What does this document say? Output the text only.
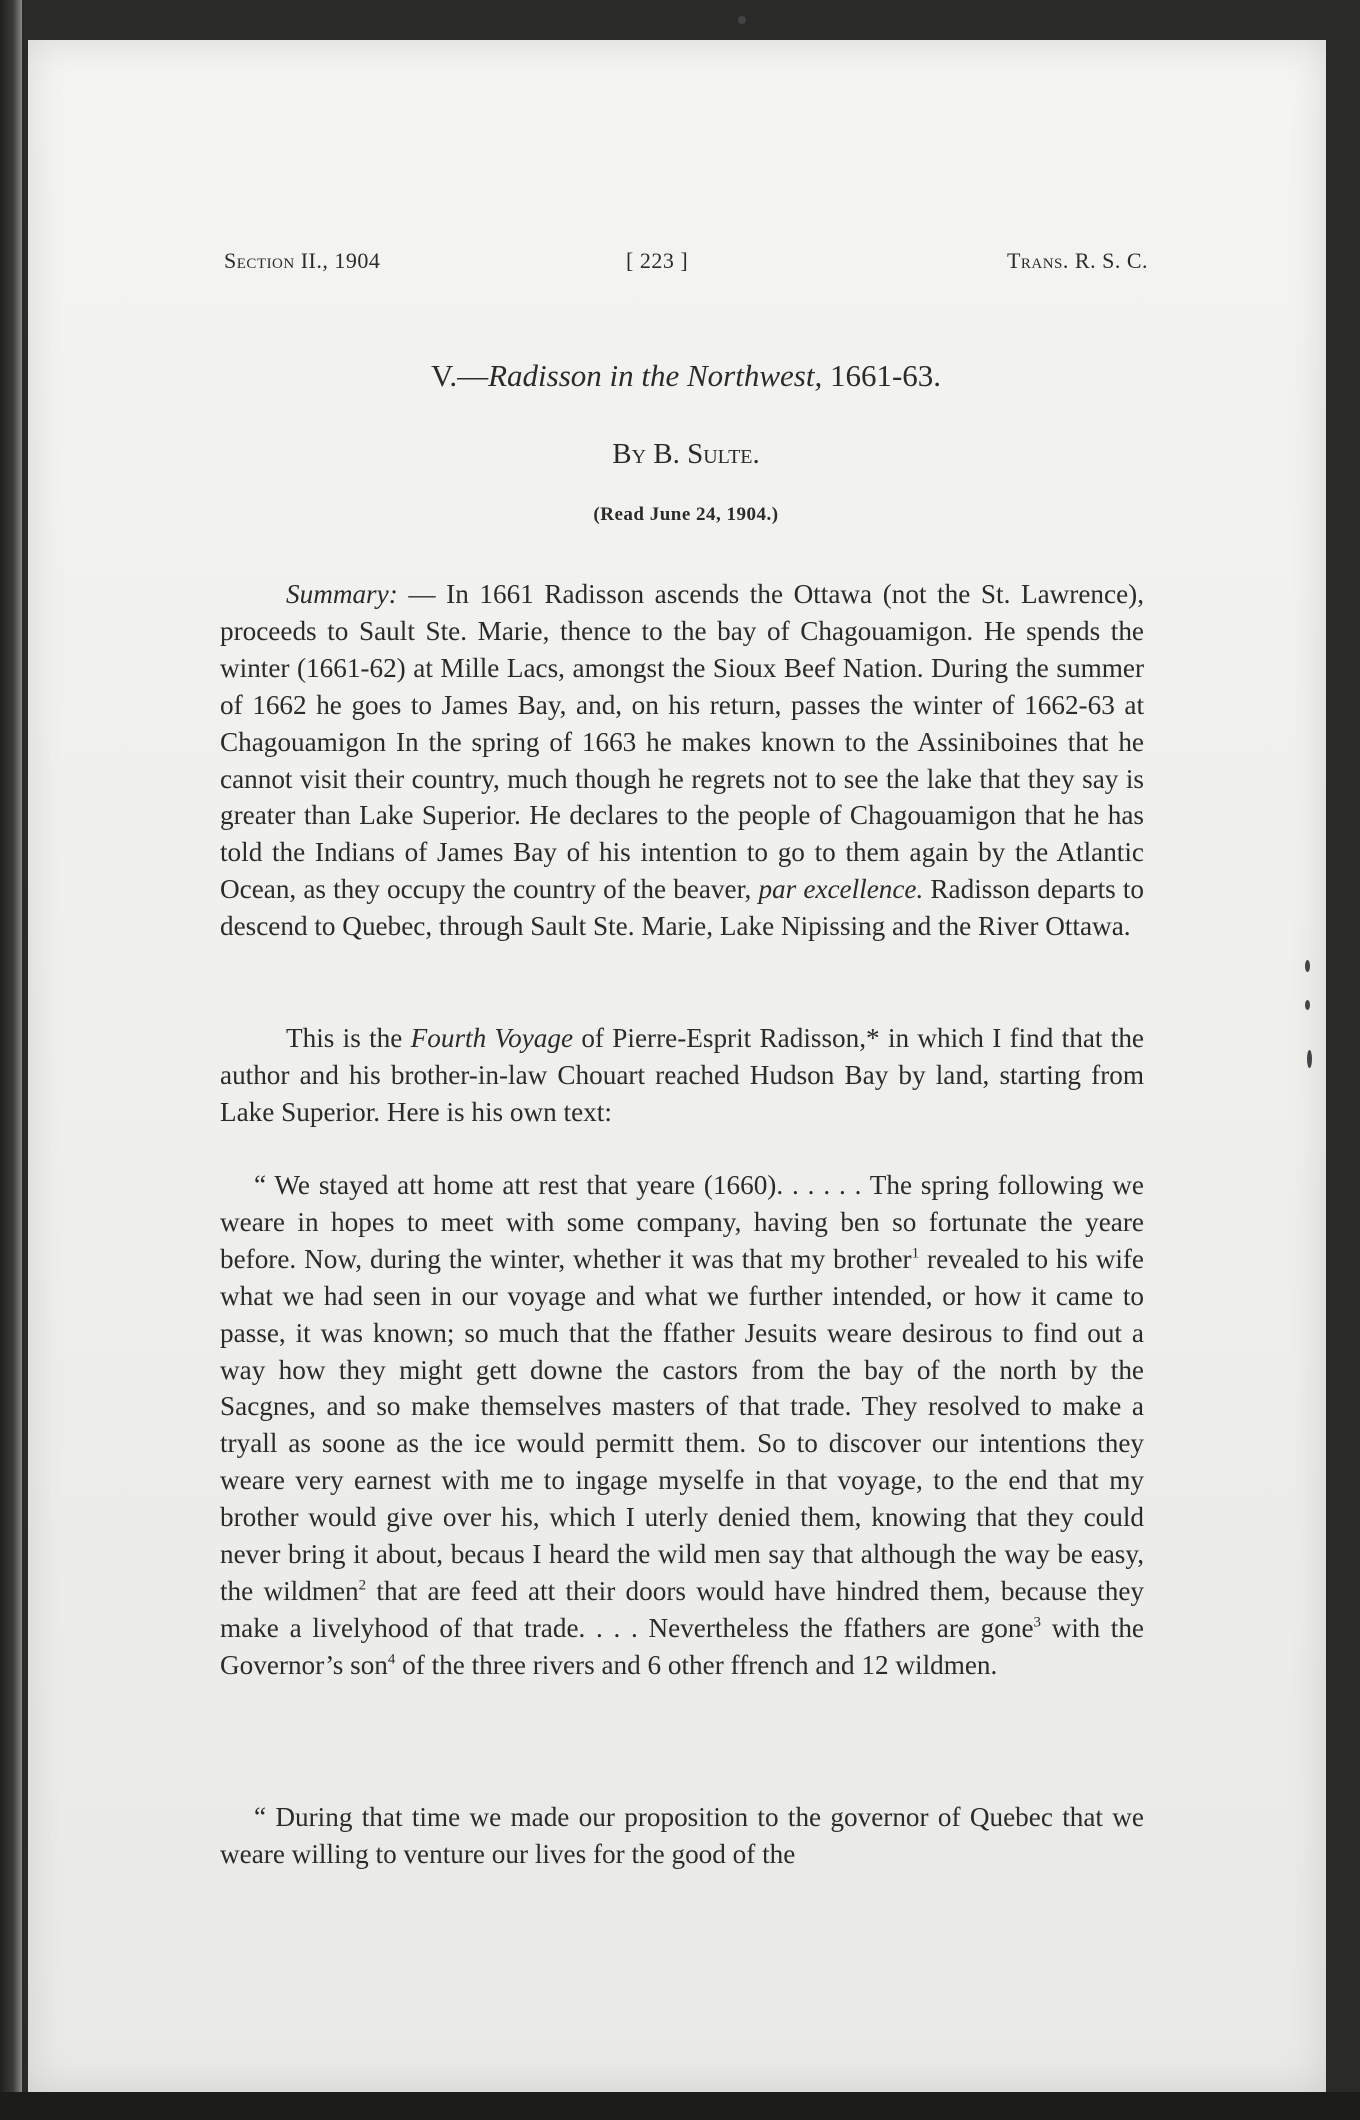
Section II., 1904	[ 223 ]	Trans. R. S. C.
V.—Radisson in the Northwest, 1661-63.
By B. Sulte.
(Read June 24, 1904.)
Summary: — In 1661 Radisson ascends the Ottawa (not the St. Lawrence), proceeds to Sault Ste. Marie, thence to the bay of Chagouamigon. He spends the winter (1661-62) at Mille Lacs, amongst the Sioux Beef Nation. During the summer of 1662 he goes to James Bay, and, on his return, passes the winter of 1662-63 at Chagouamigon In the spring of 1663 he makes known to the Assiniboines that he cannot visit their country, much though he regrets not to see the lake that they say is greater than Lake Superior. He declares to the people of Chagouamigon that he has told the Indians of James Bay of his intention to go to them again by the Atlantic Ocean, as they occupy the country of the beaver, par excellence. Radisson departs to descend to Quebec, through Sault Ste. Marie, Lake Nipissing and the River Ottawa.
This is the Fourth Voyage of Pierre-Esprit Radisson,* in which I find that the author and his brother-in-law Chouart reached Hudson Bay by land, starting from Lake Superior. Here is his own text:
“ We stayed att home att rest that yeare (1660). . . . . . The spring following we weare in hopes to meet with some company, having ben so fortunate the yeare before. Now, during the winter, whether it was that my brother$^1$ revealed to his wife what we had seen in our voyage and what we further intended, or how it came to passe, it was known; so much that the ffather Jesuits weare desirous to find out a way how they might gett downe the castors from the bay of the north by the Sacgnes, and so make themselves masters of that trade. They resolved to make a tryall as soone as the ice would permitt them. So to discover our intentions they weare very earnest with me to ingage myselfe in that voyage, to the end that my brother would give over his, which I uterly denied them, knowing that they could never bring it about, becaus I heard the wild men say that although the way be easy, the wildmen$^2$ that are feed att their doors would have hindred them, because they make a livelyhood of that trade. . . . Nevertheless the ffathers are gone$^3$ with the Governor’s son$^4$ of the three rivers and 6 other ffrench and 12 wildmen.
“ During that time we made our proposition to the governor of Quebec that we weare willing to venture our lives for the good of the
